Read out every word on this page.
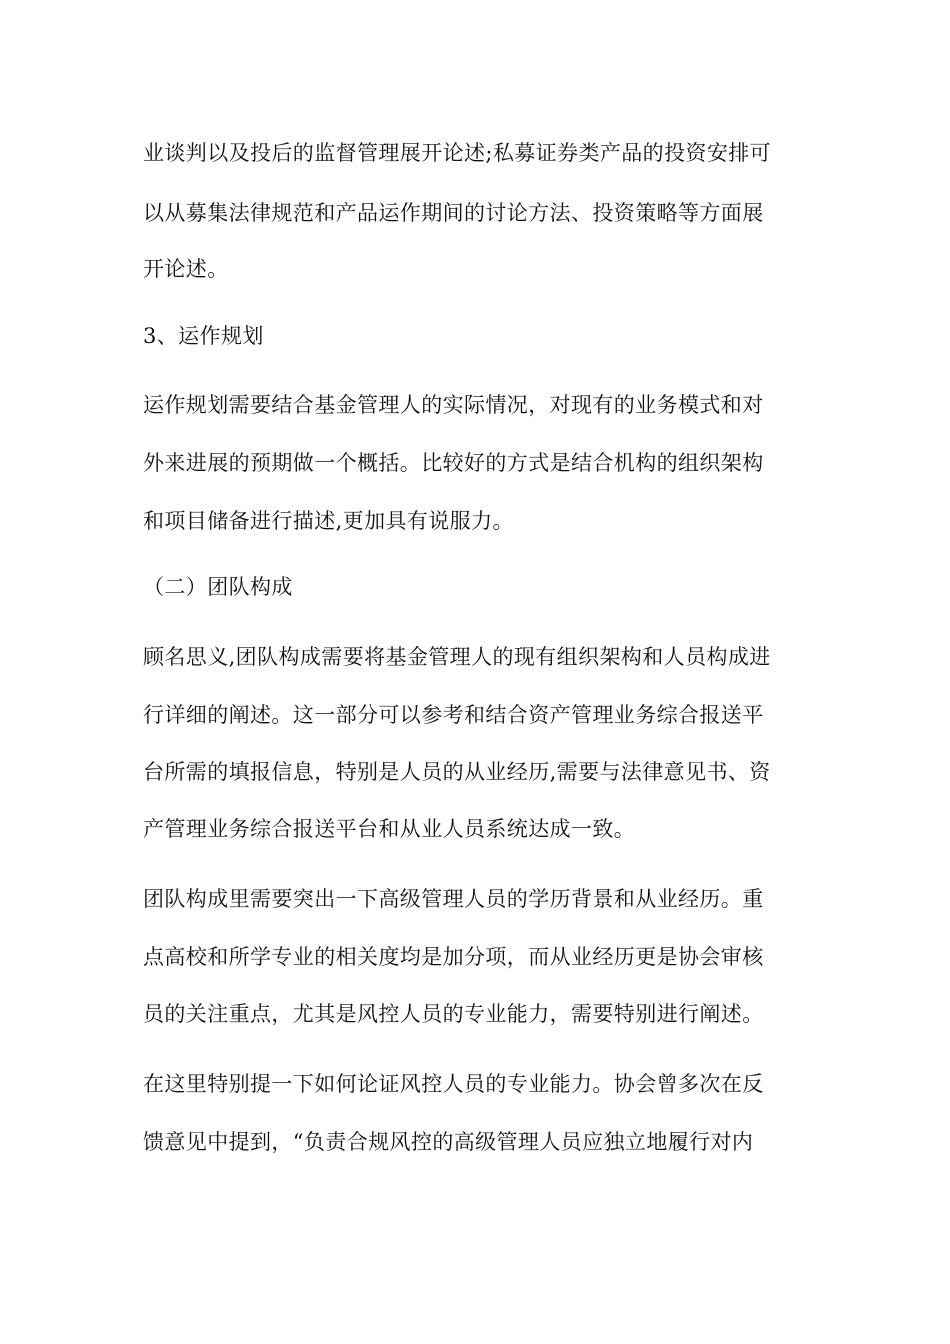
业谈判以及投后的监督管理展开论述;私募证券类产品的投资安排可
以从募集法律规范和产品运作期间的讨论方法、投资策略等方面展
开论述。
3、运作规划
运作规划需要结合基金管理人的实际情况，对现有的业务模式和对
外来进展的预期做一个概括。比较好的方式是结合机构的组织架构
和项目储备进行描述,更加具有说服力。
（二）团队构成
顾名思义,团队构成需要将基金管理人的现有组织架构和人员构成进
行详细的阐述。这一部分可以参考和结合资产管理业务综合报送平
台所需的填报信息，特别是人员的从业经历,需要与法律意见书、资
产管理业务综合报送平台和从业人员系统达成一致。
团队构成里需要突出一下高级管理人员的学历背景和从业经历。重
点高校和所学专业的相关度均是加分项，而从业经历更是协会审核
员的关注重点，尤其是风控人员的专业能力，需要特别进行阐述。
在这里特别提一下如何论证风控人员的专业能力。协会曾多次在反
馈意见中提到，“负责合规风控的高级管理人员应独立地履行对内
